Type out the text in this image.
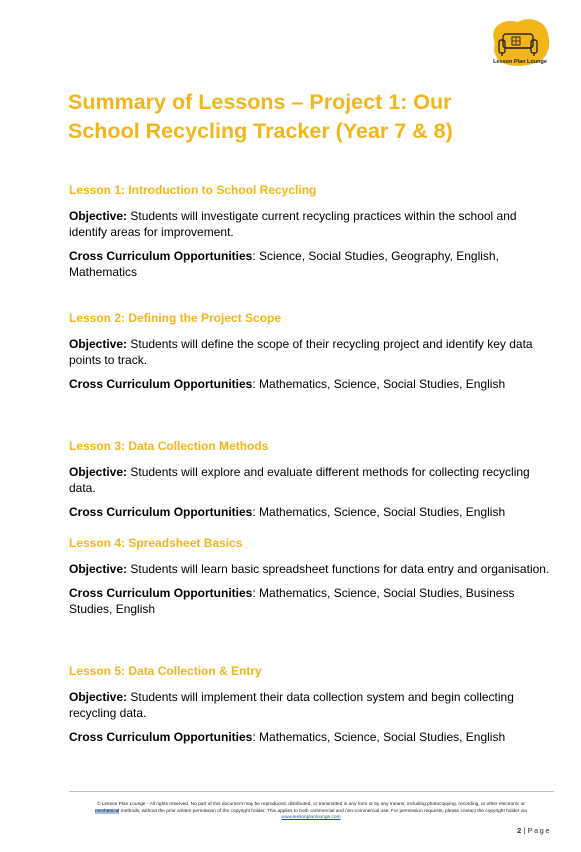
Lesson Plan Lounge
Summary of Lessons – Project 1: Our School Recycling Tracker (Year 7 & 8)

Lesson 1: Introduction to School Recycling

Objective: Students will investigate current recycling practices within the school and identify areas for improvement.

Cross Curriculum Opportunities: Science, Social Studies, Geography, English, Mathematics

Lesson 2: Defining the Project Scope

Objective: Students will define the scope of their recycling project and identify key data points to track.

Cross Curriculum Opportunities: Mathematics, Science, Social Studies, English

Lesson 3: Data Collection Methods

Objective: Students will explore and evaluate different methods for collecting recycling data.

Cross Curriculum Opportunities: Mathematics, Science, Social Studies, English

Lesson 4: Spreadsheet Basics

Objective: Students will learn basic spreadsheet functions for data entry and organisation.

Cross Curriculum Opportunities: Mathematics, Science, Social Studies, Business Studies, English

Lesson 5: Data Collection & Entry

Objective: Students will implement their data collection system and begin collecting recycling data.

Cross Curriculum Opportunities: Mathematics, Science, Social Studies, English

© Lesson Plan Lounge - All rights reserved. No part of this document may be reproduced, distributed, or transmitted in any form or by any means, including photocopying, recording, or other electronic or
mechanical methods, without the prior written permission of the copyright holder. This applies to both commercial and non-commercial use. For permission requests, please contact the copyright holder via
www.lessonplanlounge.com
2 | Page
